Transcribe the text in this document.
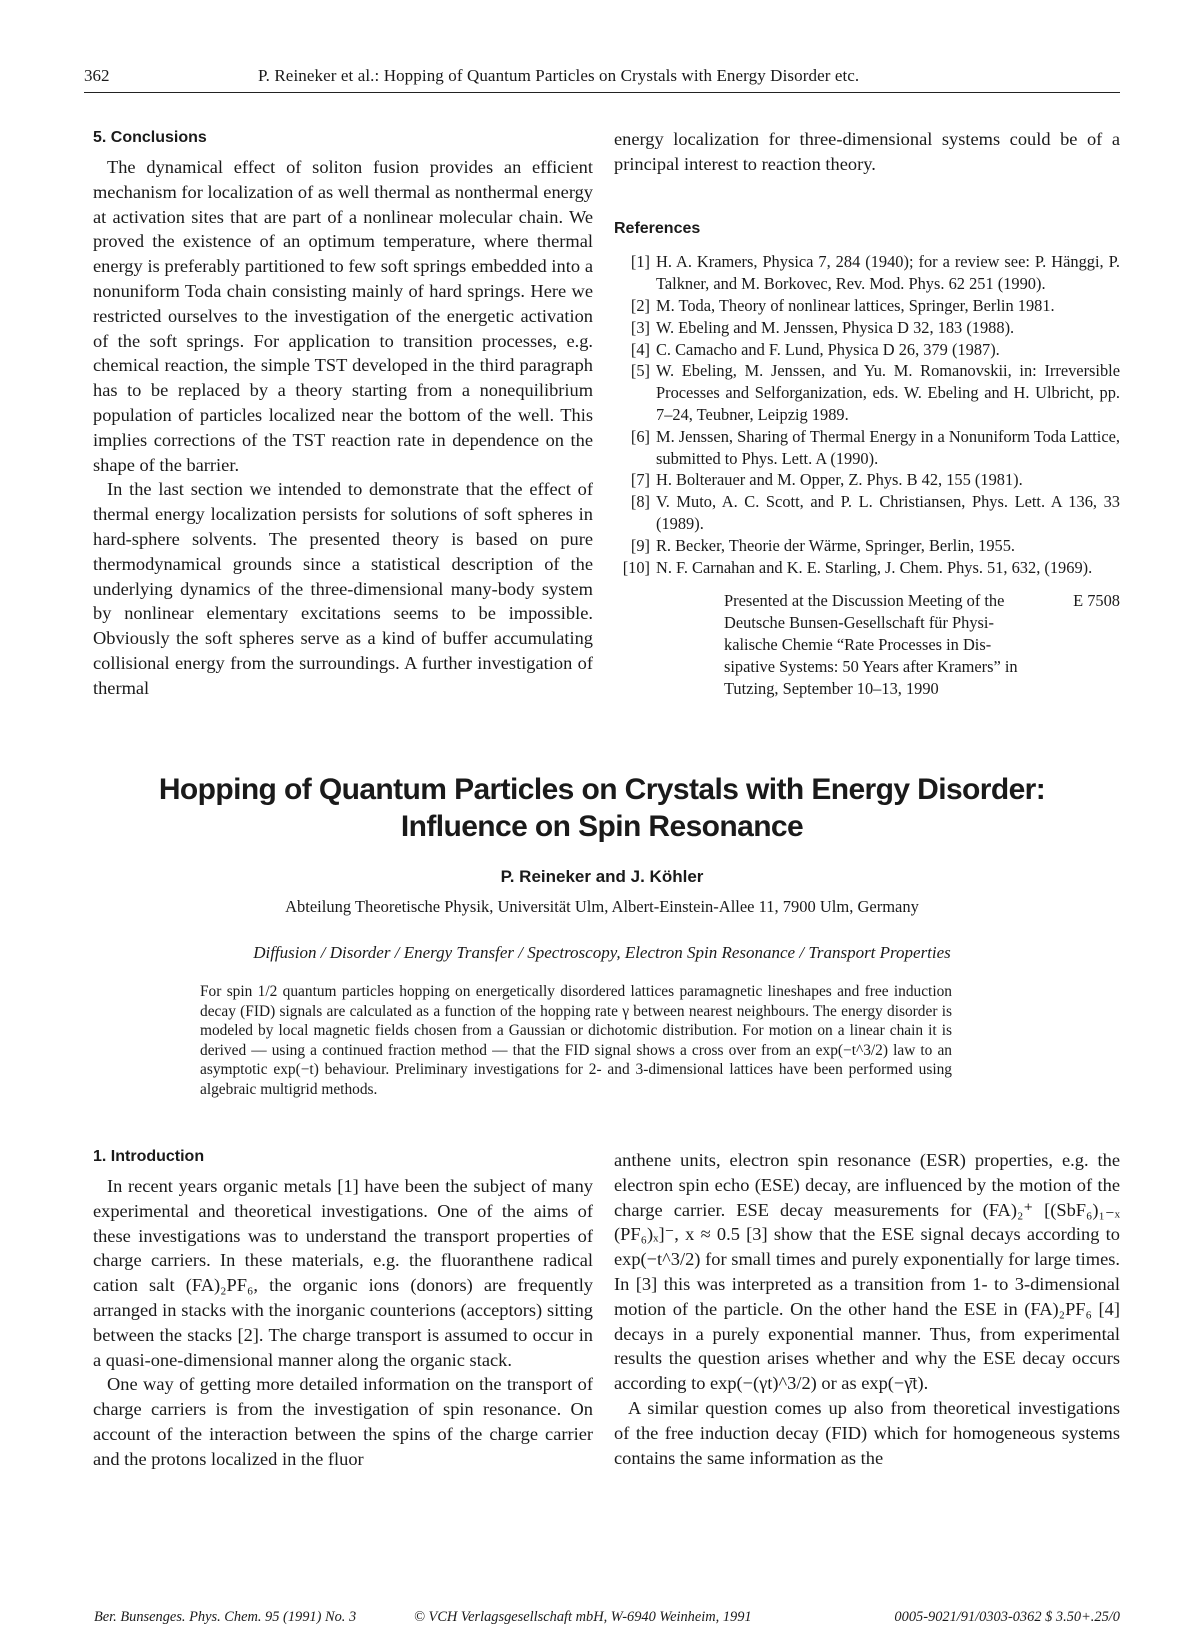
362	P. Reineker et al.: Hopping of Quantum Particles on Crystals with Energy Disorder etc.
5. Conclusions

The dynamical effect of soliton fusion provides an efficient mechanism for localization of as well thermal as nonthermal energy at activation sites that are part of a nonlinear molecular chain. We proved the existence of an optimum temperature, where thermal energy is preferably partitioned to few soft springs embedded into a nonuniform Toda chain consisting mainly of hard springs. Here we restricted ourselves to the investigation of the energetic activation of the soft springs. For application to transition processes, e.g. chemical reaction, the simple TST developed in the third paragraph has to be replaced by a theory starting from a nonequilibrium population of particles localized near the bottom of the well. This implies corrections of the TST reaction rate in dependence on the shape of the barrier.

In the last section we intended to demonstrate that the effect of thermal energy localization persists for solutions of soft spheres in hard-sphere solvents. The presented theory is based on pure thermodynamical grounds since a statistical description of the underlying dynamics of the three-dimensional many-body system by nonlinear elementary excitations seems to be impossible. Obviously the soft spheres serve as a kind of buffer accumulating collisional energy from the surroundings. A further investigation of thermal

energy localization for three-dimensional systems could be of a principal interest to reaction theory.

References
[1] H. A. Kramers, Physica 7, 284 (1940); for a review see: P. Hänggi, P. Talkner, and M. Borkovec, Rev. Mod. Phys. 62 251 (1990).
[2] M. Toda, Theory of nonlinear lattices, Springer, Berlin 1981.
[3] W. Ebeling and M. Jenssen, Physica D 32, 183 (1988).
[4] C. Camacho and F. Lund, Physica D 26, 379 (1987).
[5] W. Ebeling, M. Jenssen, and Yu. M. Romanovskii, in: Irreversible Processes and Selforganization, eds. W. Ebeling and H. Ulbricht, pp. 7–24, Teubner, Leipzig 1989.
[6] M. Jenssen, Sharing of Thermal Energy in a Nonuniform Toda Lattice, submitted to Phys. Lett. A (1990).
[7] H. Bolterauer and M. Opper, Z. Phys. B 42, 155 (1981).
[8] V. Muto, A. C. Scott, and P. L. Christiansen, Phys. Lett. A 136, 33 (1989).
[9] R. Becker, Theorie der Wärme, Springer, Berlin, 1955.
[10] N. F. Carnahan and K. E. Starling, J. Chem. Phys. 51, 632, (1969).
Presented at the Discussion Meeting of the Deutsche Bunsen-Gesellschaft für Physikalische Chemie “Rate Processes in Dissipative Systems: 50 Years after Kramers” in Tutzing, September 10–13, 1990
E 7508
Hopping of Quantum Particles on Crystals with Energy Disorder:
Influence on Spin Resonance
P. Reineker and J. Köhler
Abteilung Theoretische Physik, Universität Ulm, Albert-Einstein-Allee 11, 7900 Ulm, Germany
Diffusion / Disorder / Energy Transfer / Spectroscopy, Electron Spin Resonance / Transport Properties

For spin 1/2 quantum particles hopping on energetically disordered lattices paramagnetic lineshapes and free induction decay (FID) signals are calculated as a function of the hopping rate γ between nearest neighbours. The energy disorder is modeled by local magnetic fields chosen from a Gaussian or dichotomic distribution. For motion on a linear chain it is derived — using a continued fraction method — that the FID signal shows a cross over from an exp(−t^3/2) law to an asymptotic exp(−t) behaviour. Preliminary investigations for 2- and 3-dimensional lattices have been performed using algebraic multigrid methods.

1. Introduction

In recent years organic metals [1] have been the subject of many experimental and theoretical investigations. One of the aims of these investigations was to understand the transport properties of charge carriers. In these materials, e.g. the fluoranthene radical cation salt (FA)₂PF₆, the organic ions (donors) are frequently arranged in stacks with the inorganic counterions (acceptors) sitting between the stacks [2]. The charge transport is assumed to occur in a quasi-one-dimensional manner along the organic stack.

One way of getting more detailed information on the transport of charge carriers is from the investigation of spin resonance. On account of the interaction between the spins of the charge carrier and the protons localized in the fluor

anthene units, electron spin resonance (ESR) properties, e.g. the electron spin echo (ESE) decay, are influenced by the motion of the charge carrier. ESE decay measurements for (FA)₂⁺ [(SbF₆)₁₋ₓ (PF₆)ₓ]⁻, x ≈ 0.5 [3] show that the ESE signal decays according to exp(−t^3/2) for small times and purely exponentially for large times. In [3] this was interpreted as a transition from 1- to 3-dimensional motion of the particle. On the other hand the ESE in (FA)₂PF₆ [4] decays in a purely exponential manner. Thus, from experimental results the question arises whether and why the ESE decay occurs according to exp(−(γt)^3/2) or as exp(−γ̄t).

A similar question comes up also from theoretical investigations of the free induction decay (FID) which for homogeneous systems contains the same information as the

Ber. Bunsenges. Phys. Chem. 95 (1991) No. 3	© VCH Verlagsgesellschaft mbH, W-6940 Weinheim, 1991	0005-9021/91/0303-0362 $ 3.50+.25/0
